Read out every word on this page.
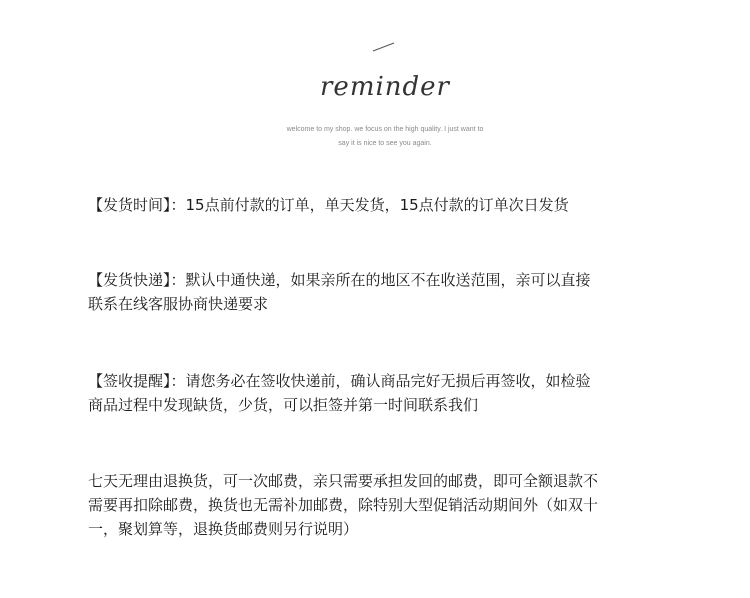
reminder
welcome to my shop. we focus on the high quality. I just want to
say it is nice to see you again.
【发货时间】：15点前付款的订单，单天发货，15点付款的订单次日发货
【发货快递】：默认中通快递，如果亲所在的地区不在收送范围，亲可以直接
联系在线客服协商快递要求
【签收提醒】：请您务必在签收快递前，确认商品完好无损后再签收，如检验
商品过程中发现缺货，少货，可以拒签并第一时间联系我们
七天无理由退换货，可一次邮费，亲只需要承担发回的邮费，即可全额退款不
需要再扣除邮费，换货也无需补加邮费，除特别大型促销活动期间外（如双十
一，聚划算等，退换货邮费则另行说明）
